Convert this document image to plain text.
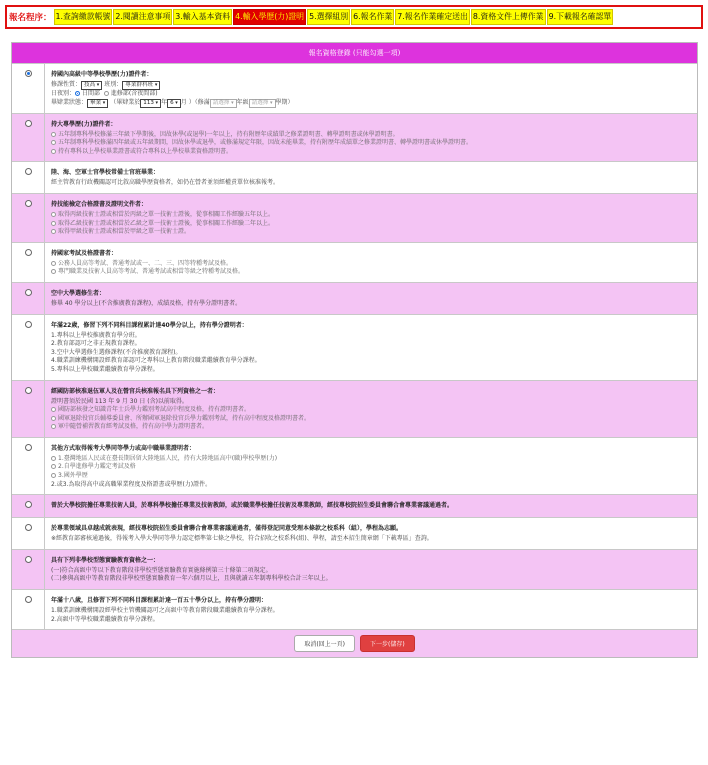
報名程序： 1.查詢繳款帳號 2.閱讀注意事項 3.輸入基本資料 4.輸入學歷(力)證明 5.選擇組別 6.報名作業 7.報名作業確定送出 8.資格文件上傳作業 9.下載報名確認單
報名資格登錄 (只能勾選一項)
持國內高級中等學校學歷(力)證件者：
修課性質： 技高 ▾ 班別： 專業群科班 ▾
日夜別： 日間部 進修部(含夜間部)
畢肄業狀態： 畢業 ▾ （畢肄業於 113 ▾ 年 6 ▾ 月 ）（修滿 請選擇 ▾ 年級 請選擇 ▾ 學期）
持大專學歷(力)證件者：
五年制專科學校修滿三年級下學期後，因故休學(或退學)一年以上，持有附歷年成績單之修業證明書、轉學證明書或休學證明書。
五年制專科學校修滿四年級或五年級期間，因故休學或退學，或修滿規定年限，因故未能畢業，持有附歷年成績單之修業證明書、轉學證明書或休學證明書。
持有專科以上學校畢業證書或符合專科以上學校畢業資格證明書。
陸、海、空軍士官學校常備士官班畢業：
經主管教育行政機關認可比敘高職學歷資格者，如仍在營者並須經權責單位核准報考。
持技能檢定合格證書及證明文件者：
取得丙級技術士證或相當於丙級之單一技術士證後，從事相關工作經驗五年以上。
取得乙級技術士證或相當於乙級之單一技術士證後，從事相關工作經驗二年以上。
取得甲級技術士證或相當於甲級之單一技術士證。
持國家考試及格證書者：
公務人員高等考試、普通考試或一、二、三、四等特種考試及格。
專門職業及技術人員高等考試、普通考試或相當等級之特種考試及格。
空中大學選修生者：
修畢 40 學分以上(不含推廣教育課程)，成績及格，持有學分證明書者。
年滿22歲，修習下列不同科目課程累計達40學分以上，持有學分證明者：
1.專科以上學校推廣教育學分班。
2.教育部認可之非正規教育課程。
3.空中大學選修生選修課程(不含推廣教育課程)。
4.職業訓練機構開設經教育部認可之專科以上教育階段職業繼續教育學分課程。
5.專科以上學校職業繼續教育學分課程。
經國防部核准退伍軍人及在營官兵核准報名具下列資格之一者：
證明書須於民國 113 年 9 月 30 日 (含)以前取得。
國防部核發之知識青年士兵學力鑑別考試高中程度及格，持有證明書者。
國軍退除役官兵輔導委員會、所辦國軍退除役官兵學力鑑別考試，持有高中程度及格證明書者。
軍中隨營補習教育經考試及格，持有高中學力證明書者。
其他方式取得報考大學同等學力或高中職畢業證明者：
1.臺灣地區人民或在臺長期居留大陸地區人民，持有大陸地區高中(職)學校學歷(力)
2.自學進修學力鑑定考試及格
3.國外學歷
2.或3.為取得高中或高職畢業程度及格證書或學歷(力)證件。
曾於大學校院擔任專業技術人員，於專科學校擔任專業及技術教師，或於職業學校擔任技術及專業教師，經技專校院招生委員會聯合會專業審議通過者。
於專業領域具卓越成就表現，經技專校院招生委員會聯合會專業審議通過者，僅得登記同意受理本條款之校系科（組），學程為志願。
※經教育部審核通過後，得報考入學大學同等學力認定標準第七條之學校，符合招收之校系科(組)、學程，請至本招生簡章網「下載專區」查詢。
具有下列非學校型態實驗教育資格之一：
(一)符合高級中等以下教育階段非學校型態實驗教育實施條例第三十條第二項規定。
(二)參與高級中等教育階段非學校型態實驗教育一年六個月以上，且與就讀五年制專科學校合計三年以上。
年滿十八歲，且修習下列不同科目課程累計達一百五十學分以上，持有學分證明：
1.職業訓練機構開設經學校主管機關認可之高級中等教育階段職業繼續教育學分課程。
2.高級中等學校職業繼續教育學分課程。
取消(回上一頁)	下一步(儲存)
